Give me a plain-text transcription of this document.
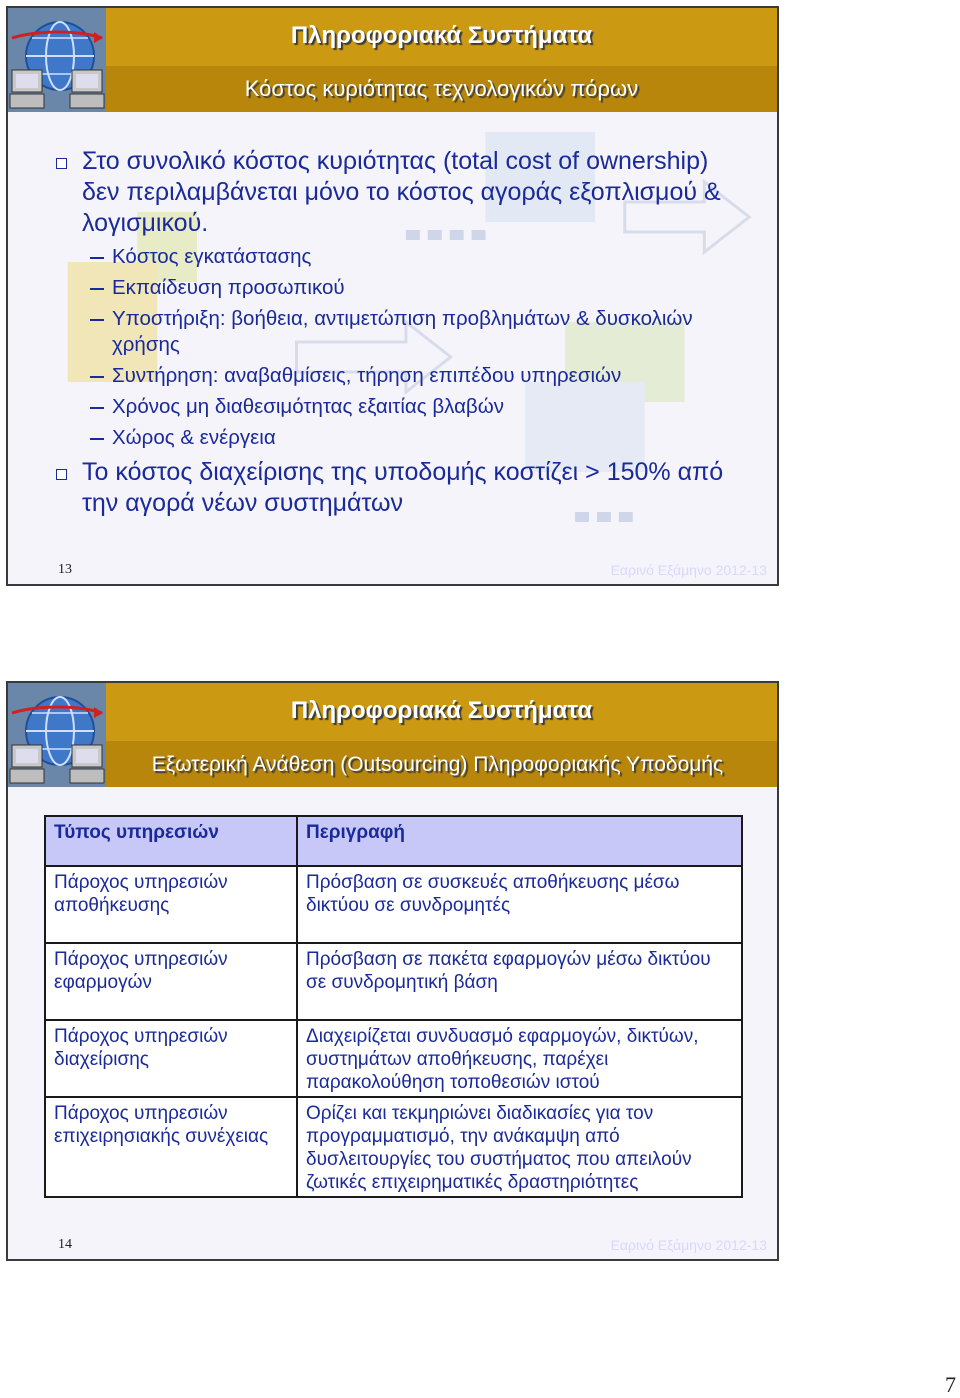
Πληροφοριακά Συστήματα
Κόστος κυριότητας τεχνολογικών πόρων
Στο συνολικό κόστος κυριότητας (total cost of ownership) δεν περιλαμβάνεται μόνο το κόστος αγοράς εξοπλισμού & λογισμικού.
Κόστος εγκατάστασης
Εκπαίδευση προσωπικού
Υποστήριξη: βοήθεια, αντιμετώπιση προβλημάτων & δυσκολιών χρήσης
Συντήρηση: αναβαθμίσεις, τήρηση επιπέδου υπηρεσιών
Χρόνος μη διαθεσιμότητας εξαιτίας βλαβών
Χώρος & ενέργεια
Το κόστος διαχείρισης της υποδομής κοστίζει > 150% από την αγορά νέων συστημάτων
13	Εαρινό Εξάμηνο 2012-13
Πληροφοριακά Συστήματα
Εξωτερική Ανάθεση (Outsourcing) Πληροφοριακής Υποδομής
Τύπος υπηρεσιών	Περιγραφή
Πάροχος υπηρεσιών αποθήκευσης	Πρόσβαση σε συσκευές αποθήκευσης μέσω δικτύου σε συνδρομητές
Πάροχος υπηρεσιών εφαρμογών	Πρόσβαση σε πακέτα εφαρμογών μέσω δικτύου σε συνδρομητική βάση
Πάροχος υπηρεσιών διαχείρισης	Διαχειρίζεται συνδυασμό εφαρμογών, δικτύων, συστημάτων αποθήκευσης, παρέχει παρακολούθηση τοποθεσιών ιστού
Πάροχος υπηρεσιών επιχειρησιακής συνέχειας	Ορίζει και τεκμηριώνει διαδικασίες για τον προγραμματισμό, την ανάκαμψη από δυσλειτουργίες του συστήματος που απειλούν ζωτικές επιχειρηματικές δραστηριότητες
14	Εαρινό Εξάμηνο 2012-13
7
